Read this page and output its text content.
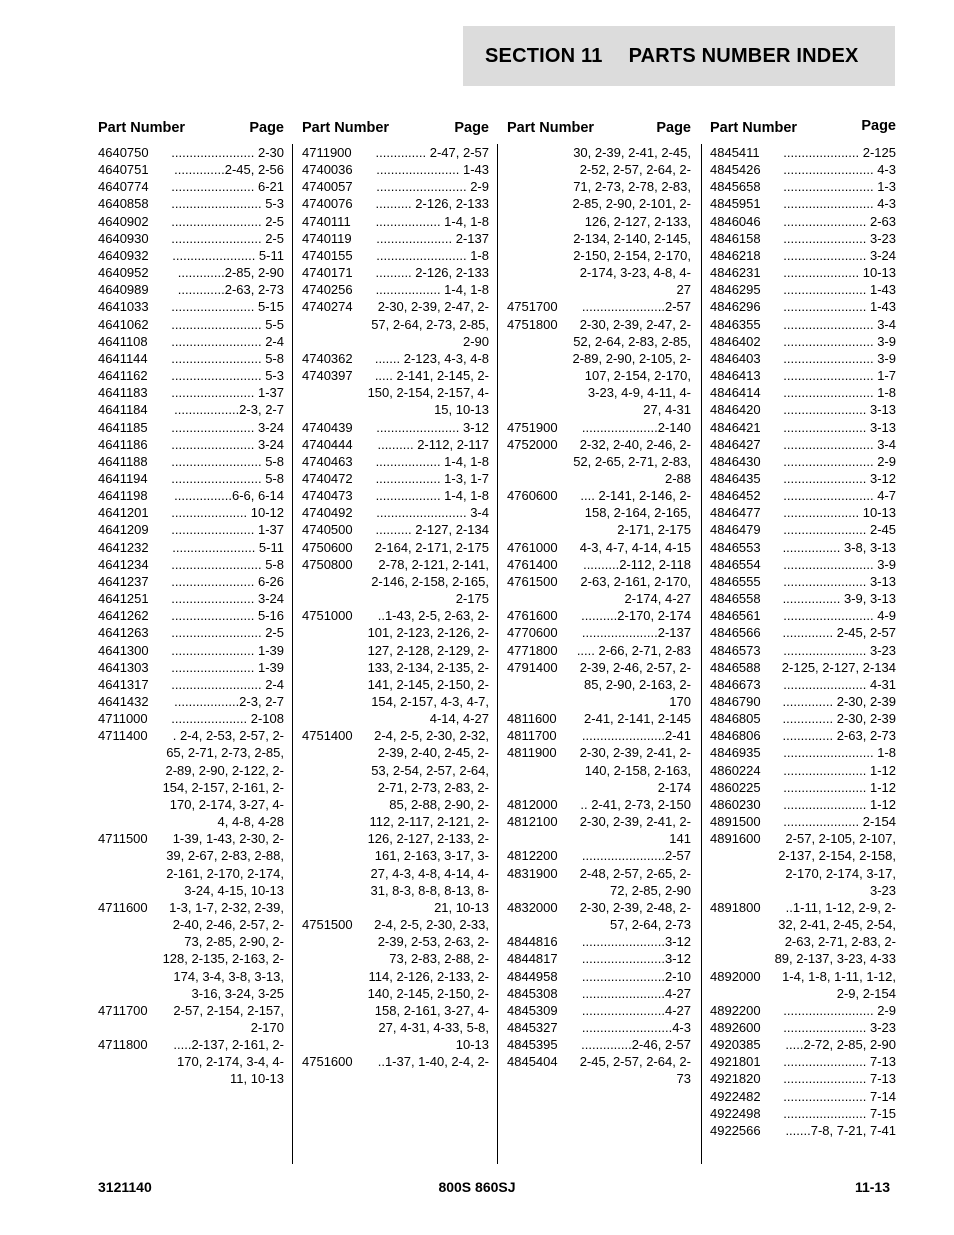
SECTION 11 PARTS NUMBER INDEX
Part Number	Page
4640750	....................... 2-30
4640751	..............2-45, 2-56
4640774	....................... 6-21
4640858	......................... 5-3
4640902	......................... 2-5
4640930	......................... 2-5
4640932	....................... 5-11
4640952	.............2-85, 2-90
4640989	.............2-63, 2-73
4641033	....................... 5-15
4641062	......................... 5-5
4641108	......................... 2-4
4641144	......................... 5-8
4641162	......................... 5-3
4641183	....................... 1-37
4641184	..................2-3, 2-7
4641185	....................... 3-24
4641186	....................... 3-24
4641188	......................... 5-8
4641194	......................... 5-8
4641198	................6-6, 6-14
4641201	..................... 10-12
4641209	....................... 1-37
4641232	....................... 5-11
4641234	......................... 5-8
4641237	....................... 6-26
4641251	....................... 3-24
4641262	....................... 5-16
4641263	......................... 2-5
4641300	....................... 1-39
4641303	....................... 1-39
4641317	......................... 2-4
4641432	..................2-3, 2-7
4711000	..................... 2-108
4711400	. 2-4, 2-53, 2-57, 2-65, 2-71, 2-73, 2-85, 2-89, 2-90, 2-122, 2-154, 2-157, 2-161, 2-170, 2-174, 3-27, 4-4, 4-8, 4-28
4711500	1-39, 1-43, 2-30, 2-39, 2-67, 2-83, 2-88, 2-161, 2-170, 2-174, 3-24, 4-15, 10-13
4711600	1-3, 1-7, 2-32, 2-39, 2-40, 2-46, 2-57, 2-73, 2-85, 2-90, 2-128, 2-135, 2-163, 2-174, 3-4, 3-8, 3-13, 3-16, 3-24, 3-25
4711700	2-57, 2-154, 2-157, 2-170
4711800	.....2-137, 2-161, 2-170, 2-174, 3-4, 4-11, 10-13
Part Number	Page
4711900	.............. 2-47, 2-57
4740036	....................... 1-43
4740057	......................... 2-9
4740076	.......... 2-126, 2-133
4740111	.................. 1-4, 1-8
4740119	..................... 2-137
4740155	......................... 1-8
4740171	.......... 2-126, 2-133
4740256	.................. 1-4, 1-8
4740274	2-30, 2-39, 2-47, 2-57, 2-64, 2-73, 2-85, 2-90
4740362	....... 2-123, 4-3, 4-8
4740397	..... 2-141, 2-145, 2-150, 2-154, 2-157, 4-15, 10-13
4740439	....................... 3-12
4740444	.......... 2-112, 2-117
4740463	.................. 1-4, 1-8
4740472	.................. 1-3, 1-7
4740473	.................. 1-4, 1-8
4740492	......................... 3-4
4740500	.......... 2-127, 2-134
4750600	2-164, 2-171, 2-175
4750800	2-78, 2-121, 2-141, 2-146, 2-158, 2-165, 2-175
4751000	..1-43, 2-5, 2-63, 2-101, 2-123, 2-126, 2-127, 2-128, 2-129, 2-133, 2-134, 2-135, 2-141, 2-145, 2-150, 2-154, 2-157, 4-3, 4-7, 4-14, 4-27
4751400	2-4, 2-5, 2-30, 2-32, 2-39, 2-40, 2-45, 2-53, 2-54, 2-57, 2-64, 2-71, 2-73, 2-83, 2-85, 2-88, 2-90, 2-112, 2-117, 2-121, 2-126, 2-127, 2-133, 2-161, 2-163, 3-17, 3-27, 4-3, 4-8, 4-14, 4-31, 8-3, 8-8, 8-13, 8-21, 10-13
4751500	2-4, 2-5, 2-30, 2-33, 2-39, 2-53, 2-63, 2-73, 2-83, 2-88, 2-114, 2-126, 2-133, 2-140, 2-145, 2-150, 2-158, 2-161, 3-27, 4-27, 4-31, 4-33, 5-8, 10-13
4751600	..1-37, 1-40, 2-4, 2-
Part Number	Page
30, 2-39, 2-41, 2-45, 2-52, 2-57, 2-64, 2-71, 2-73, 2-78, 2-83, 2-85, 2-90, 2-101, 2-126, 2-127, 2-133, 2-134, 2-140, 2-145, 2-150, 2-154, 2-170, 2-174, 3-23, 4-8, 4-27
4751700	.......................2-57
4751800	2-30, 2-39, 2-47, 2-52, 2-64, 2-83, 2-85, 2-89, 2-90, 2-105, 2-107, 2-154, 2-170, 3-23, 4-9, 4-11, 4-27, 4-31
4751900	.....................2-140
4752000	2-32, 2-40, 2-46, 2-52, 2-65, 2-71, 2-83, 2-88
4760600	.... 2-141, 2-146, 2-158, 2-164, 2-165, 2-171, 2-175
4761000	4-3, 4-7, 4-14, 4-15
4761400	..........2-112, 2-118
4761500	2-63, 2-161, 2-170, 2-174, 4-27
4761600	..........2-170, 2-174
4770600	.....................2-137
4771800	..... 2-66, 2-71, 2-83
4791400	2-39, 2-46, 2-57, 2-85, 2-90, 2-163, 2-170
4811600	2-41, 2-141, 2-145
4811700	.......................2-41
4811900	2-30, 2-39, 2-41, 2-140, 2-158, 2-163, 2-174
4812000	.. 2-41, 2-73, 2-150
4812100	2-30, 2-39, 2-41, 2-141
4812200	.......................2-57
4831900	2-48, 2-57, 2-65, 2-72, 2-85, 2-90
4832000	2-30, 2-39, 2-48, 2-57, 2-64, 2-73
4844816	.......................3-12
4844817	.......................3-12
4844958	.......................2-10
4845308	.......................4-27
4845309	.......................4-27
4845327	.........................4-3
4845395	..............2-46, 2-57
4845404	2-45, 2-57, 2-64, 2-73
Part Number	Page
4845411	..................... 2-125
4845426	......................... 4-3
4845658	......................... 1-3
4845951	......................... 4-3
4846046	....................... 2-63
4846158	....................... 3-23
4846218	....................... 3-24
4846231	..................... 10-13
4846295	....................... 1-43
4846296	....................... 1-43
4846355	......................... 3-4
4846402	......................... 3-9
4846403	......................... 3-9
4846413	......................... 1-7
4846414	......................... 1-8
4846420	....................... 3-13
4846421	....................... 3-13
4846427	......................... 3-4
4846430	......................... 2-9
4846435	....................... 3-12
4846452	......................... 4-7
4846477	..................... 10-13
4846479	....................... 2-45
4846553	................ 3-8, 3-13
4846554	......................... 3-9
4846555	....................... 3-13
4846558	................ 3-9, 3-13
4846561	......................... 4-9
4846566	.............. 2-45, 2-57
4846573	....................... 3-23
4846588	2-125, 2-127, 2-134
4846673	....................... 4-31
4846790	.............. 2-30, 2-39
4846805	.............. 2-30, 2-39
4846806	.............. 2-63, 2-73
4846935	......................... 1-8
4860224	....................... 1-12
4860225	....................... 1-12
4860230	....................... 1-12
4891500	..................... 2-154
4891600	2-57, 2-105, 2-107, 2-137, 2-154, 2-158, 2-170, 2-174, 3-17, 3-23
4891800	..1-11, 1-12, 2-9, 2-32, 2-41, 2-45, 2-54, 2-63, 2-71, 2-83, 2-89, 2-137, 3-23, 4-33
4892000	1-4, 1-8, 1-11, 1-12, 2-9, 2-154
4892200	......................... 2-9
4892600	....................... 3-23
4920385	.....2-72, 2-85, 2-90
4921801	....................... 7-13
4921820	....................... 7-13
4922482	....................... 7-14
4922498	....................... 7-15
4922566	.......7-8, 7-21, 7-41
3121140	800S 860SJ	11-13
